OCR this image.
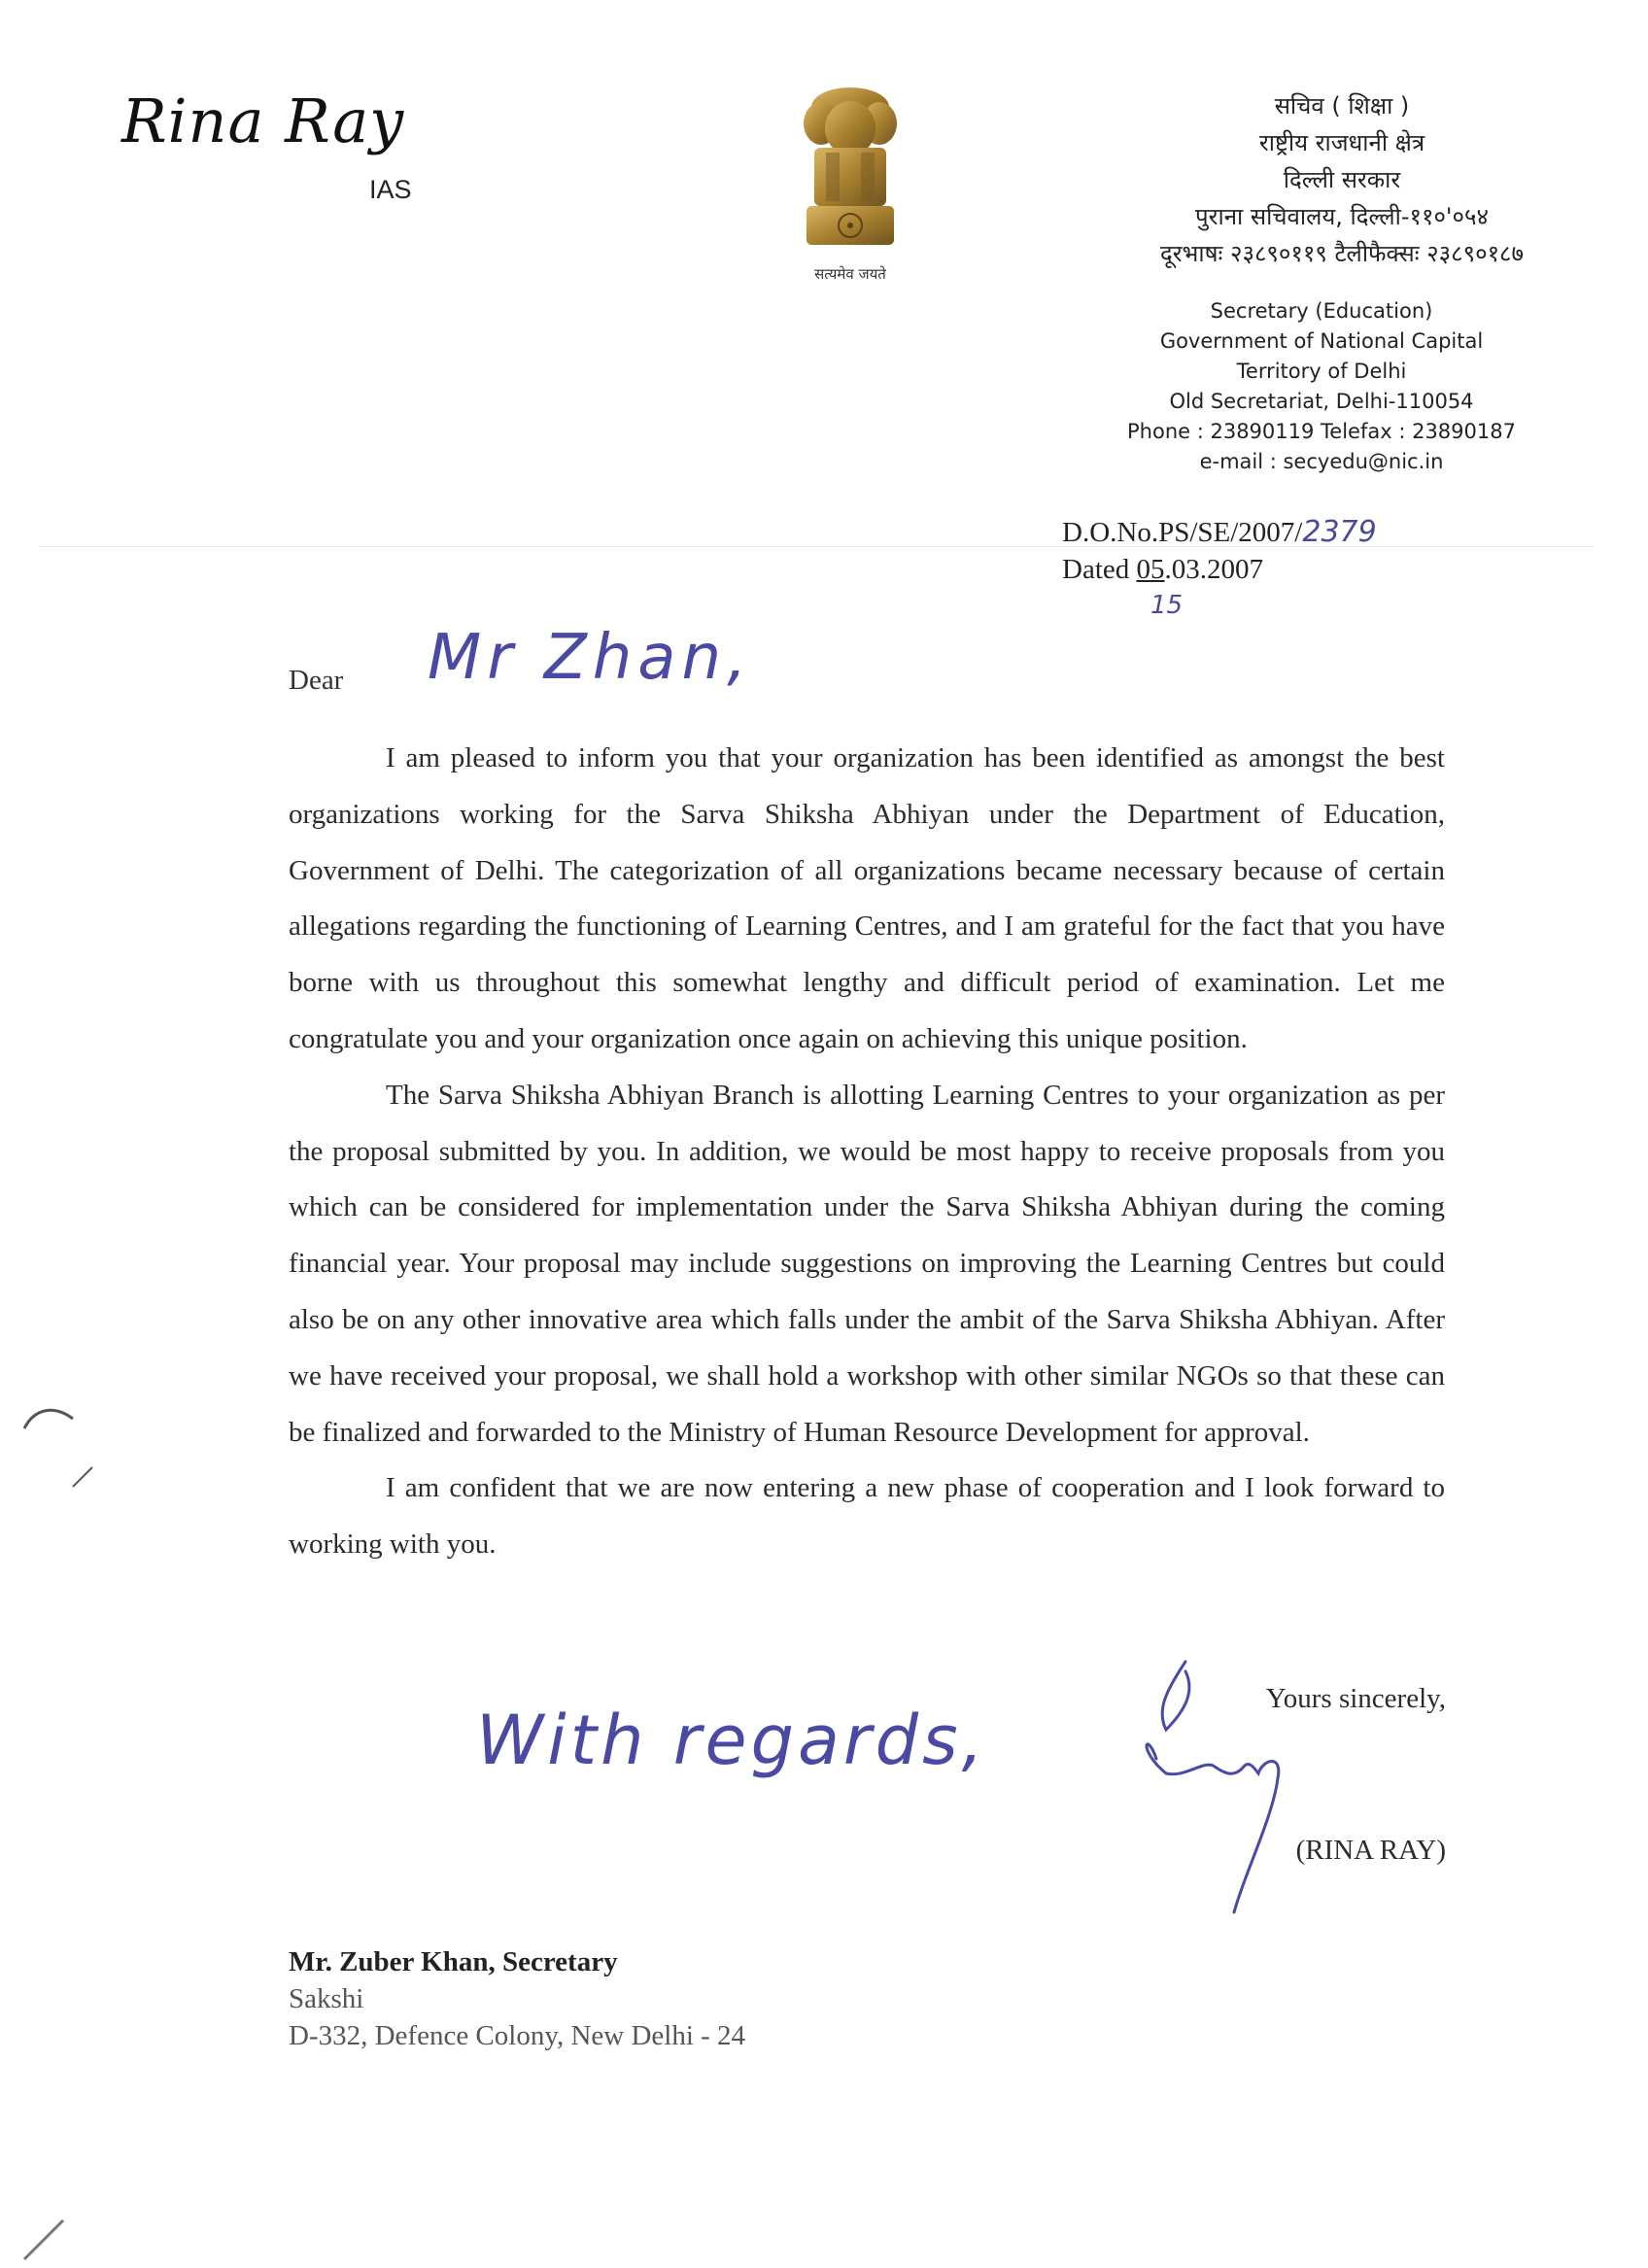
Rina Ray
IAS
सत्यमेव जयते
सचिव ( शिक्षा )
राष्ट्रीय राजधानी क्षेत्र
दिल्ली सरकार
पुराना सचिवालय, दिल्ली-११०'०५४
दूरभाषः २३८९०११९ टैलीफैक्सः २३८९०१८७
Secretary (Education)
Government of National Capital
Territory of Delhi
Old Secretariat, Delhi-110054
Phone : 23890119 Telefax : 23890187
e-mail : secyedu@nic.in
D.O.No.PS/SE/2007/2379
Dated 05.03.2007
15
Dear Mr Zhan,

I am pleased to inform you that your organization has been identified as amongst the best organizations working for the Sarva Shiksha Abhiyan under the Department of Education, Government of Delhi. The categorization of all organizations became necessary because of certain allegations regarding the functioning of Learning Centres, and I am grateful for the fact that you have borne with us throughout this somewhat lengthy and difficult period of examination. Let me congratulate you and your organization once again on achieving this unique position.

The Sarva Shiksha Abhiyan Branch is allotting Learning Centres to your organization as per the proposal submitted by you. In addition, we would be most happy to receive proposals from you which can be considered for implementation under the Sarva Shiksha Abhiyan during the coming financial year. Your proposal may include suggestions on improving the Learning Centres but could also be on any other innovative area which falls under the ambit of the Sarva Shiksha Abhiyan. After we have received your proposal, we shall hold a workshop with other similar NGOs so that these can be finalized and forwarded to the Ministry of Human Resource Development for approval.

I am confident that we are now entering a new phase of cooperation and I look forward to working with you.

Yours sincerely,
With regards,
(RINA RAY)
Mr. Zuber Khan, Secretary
Sakshi
D-332, Defence Colony, New Delhi - 24
